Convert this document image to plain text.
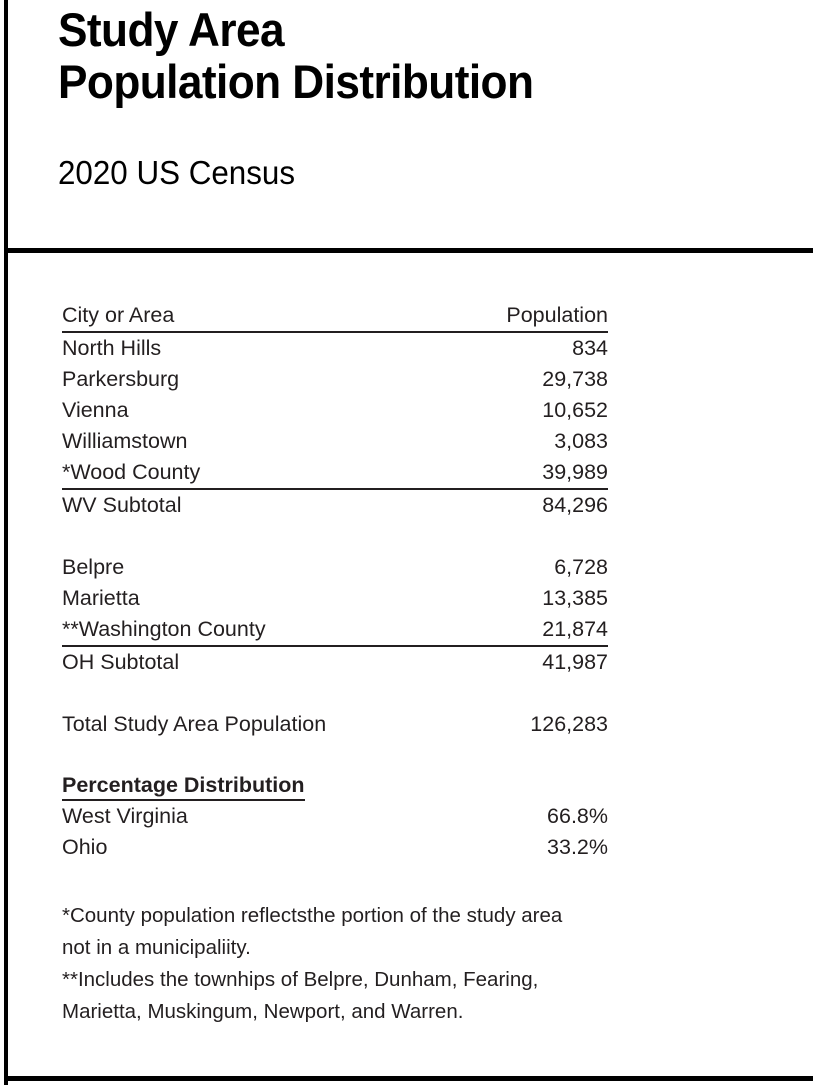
Study Area
Population Distribution
2020 US Census
City or Area	Population
North Hills	834
Parkersburg	29,738
Vienna	10,652
Williamstown	3,083
*Wood County	39,989
WV Subtotal	84,296

Belpre	6,728
Marietta	13,385
**Washington County	21,874
OH Subtotal	41,987

Total Study Area Population	126,283

Percentage Distribution	
West Virginia	66.8%
Ohio	33.2%

*County population reflectsthe portion of the study area

not in a municipaliity.

**Includes the townhips of Belpre, Dunham, Fearing,

Marietta, Muskingum, Newport, and Warren.
